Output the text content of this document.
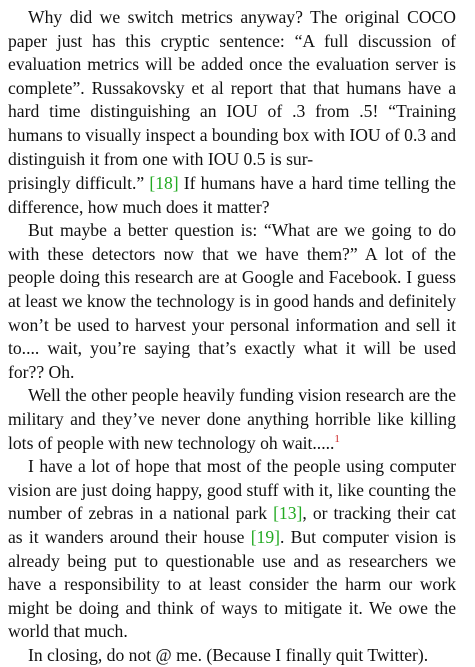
Why did we switch metrics anyway? The original COCO paper just has this cryptic sentence: “A full discussion of evaluation metrics will be added once the evaluation server is complete”. Russakovsky et al report that that humans have a hard time distinguishing an IOU of .3 from .5! “Training humans to visually inspect a bounding box with IOU of 0.3 and distinguish it from one with IOU 0.5 is sur-

prisingly difficult.” [18] If humans have a hard time telling the difference, how much does it matter?

But maybe a better question is: “What are we going to do with these detectors now that we have them?” A lot of the people doing this research are at Google and Facebook. I guess at least we know the technology is in good hands and definitely won’t be used to harvest your personal information and sell it to.... wait, you’re saying that’s exactly what it will be used for?? Oh.

Well the other people heavily funding vision research are the military and they’ve never done anything horrible like killing lots of people with new technology oh wait.....$^1$

I have a lot of hope that most of the people using computer vision are just doing happy, good stuff with it, like counting the number of zebras in a national park [13], or tracking their cat as it wanders around their house [19]. But computer vision is already being put to questionable use and as researchers we have a responsibility to at least consider the harm our work might be doing and think of ways to mitigate it. We owe the world that much.

In closing, do not @ me. (Because I finally quit Twitter).
